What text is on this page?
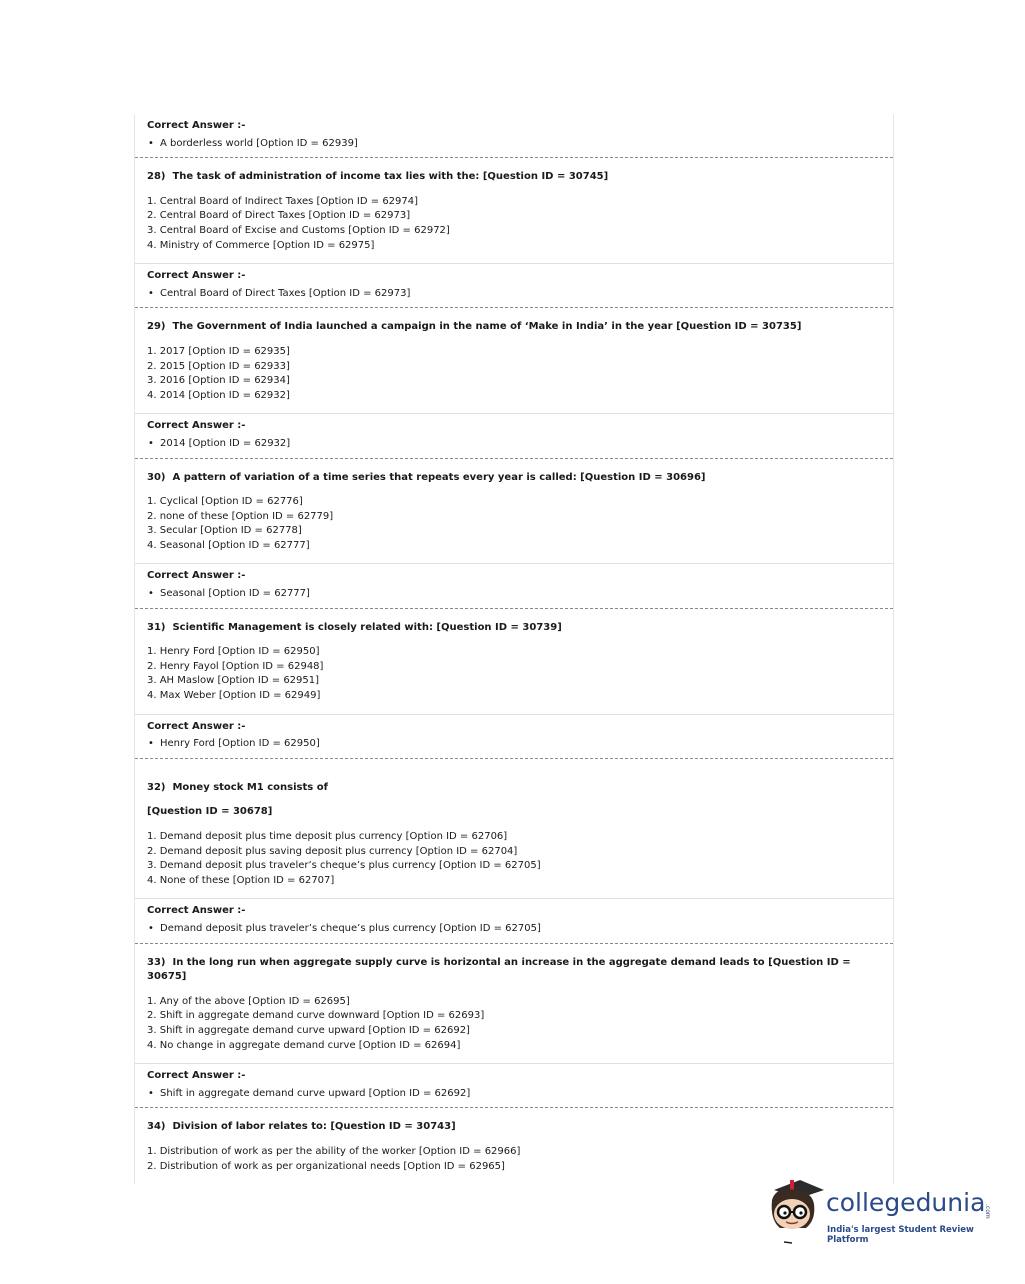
Correct Answer :-
• A borderless world [Option ID = 62939]
28) The task of administration of income tax lies with the: [Question ID = 30745]
1. Central Board of Indirect Taxes [Option ID = 62974]
2. Central Board of Direct Taxes [Option ID = 62973]
3. Central Board of Excise and Customs [Option ID = 62972]
4. Ministry of Commerce [Option ID = 62975]
Correct Answer :-
• Central Board of Direct Taxes [Option ID = 62973]
29) The Government of India launched a campaign in the name of ‘Make in India’ in the year [Question ID = 30735]
1. 2017 [Option ID = 62935]
2. 2015 [Option ID = 62933]
3. 2016 [Option ID = 62934]
4. 2014 [Option ID = 62932]
Correct Answer :-
• 2014 [Option ID = 62932]
30) A pattern of variation of a time series that repeats every year is called: [Question ID = 30696]
1. Cyclical [Option ID = 62776]
2. none of these [Option ID = 62779]
3. Secular [Option ID = 62778]
4. Seasonal [Option ID = 62777]
Correct Answer :-
• Seasonal [Option ID = 62777]
31) Scientific Management is closely related with: [Question ID = 30739]
1. Henry Ford [Option ID = 62950]
2. Henry Fayol [Option ID = 62948]
3. AH Maslow [Option ID = 62951]
4. Max Weber [Option ID = 62949]
Correct Answer :-
• Henry Ford [Option ID = 62950]
32) Money stock M1 consists of
[Question ID = 30678]
1. Demand deposit plus time deposit plus currency [Option ID = 62706]
2. Demand deposit plus saving deposit plus currency [Option ID = 62704]
3. Demand deposit plus traveler’s cheque’s plus currency [Option ID = 62705]
4. None of these [Option ID = 62707]
Correct Answer :-
• Demand deposit plus traveler’s cheque’s plus currency [Option ID = 62705]
33) In the long run when aggregate supply curve is horizontal an increase in the aggregate demand leads to [Question ID = 30675]
1. Any of the above [Option ID = 62695]
2. Shift in aggregate demand curve downward [Option ID = 62693]
3. Shift in aggregate demand curve upward [Option ID = 62692]
4. No change in aggregate demand curve [Option ID = 62694]
Correct Answer :-
• Shift in aggregate demand curve upward [Option ID = 62692]
34) Division of labor relates to: [Question ID = 30743]
1. Distribution of work as per the ability of the worker [Option ID = 62966]
2. Distribution of work as per organizational needs [Option ID = 62965]
collegedunia
.com
India's largest Student Review Platform
